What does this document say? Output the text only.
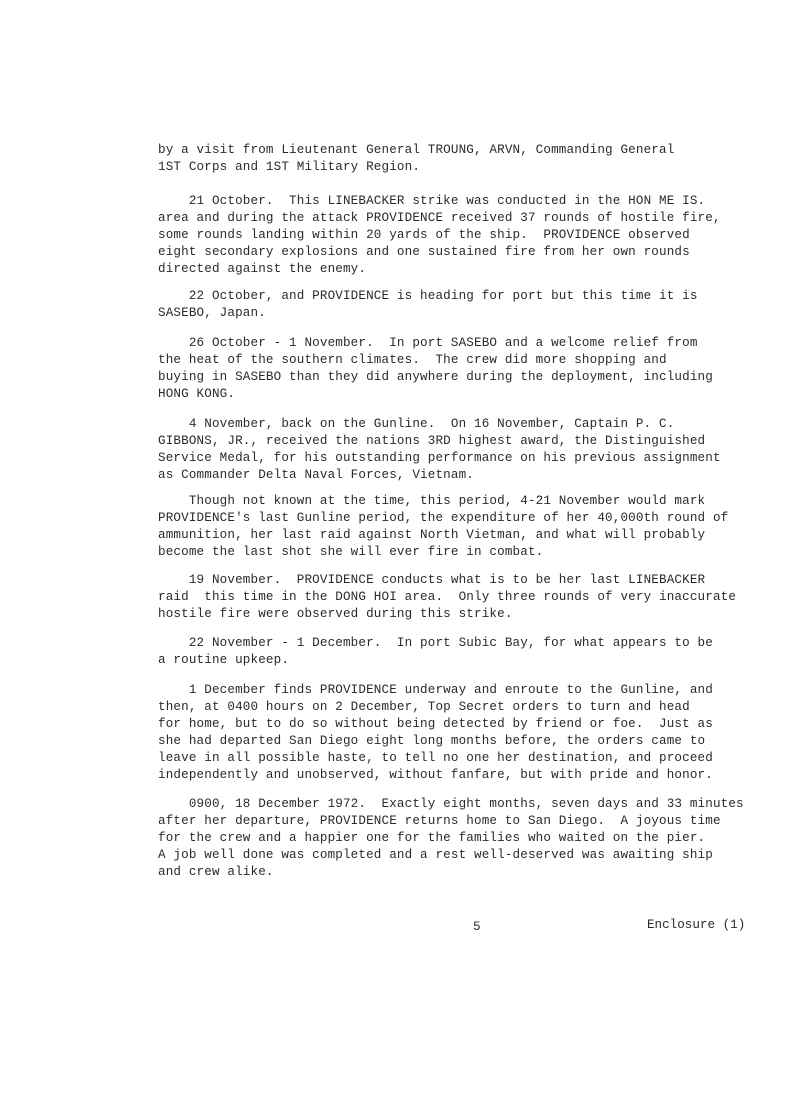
by a visit from Lieutenant General TROUNG, ARVN, Commanding General
1ST Corps and 1ST Military Region.
21 October.  This LINEBACKER strike was conducted in the HON ME IS.
area and during the attack PROVIDENCE received 37 rounds of hostile fire,
some rounds landing within 20 yards of the ship.  PROVIDENCE observed
eight secondary explosions and one sustained fire from her own rounds
directed against the enemy.
22 October, and PROVIDENCE is heading for port but this time it is
SASEBO, Japan.
26 October - 1 November.  In port SASEBO and a welcome relief from
the heat of the southern climates.  The crew did more shopping and
buying in SASEBO than they did anywhere during the deployment, including
HONG KONG.
4 November, back on the Gunline.  On 16 November, Captain P. C.
GIBBONS, JR., received the nations 3RD highest award, the Distinguished
Service Medal, for his outstanding performance on his previous assignment
as Commander Delta Naval Forces, Vietnam.
Though not known at the time, this period, 4-21 November would mark
PROVIDENCE's last Gunline period, the expenditure of her 40,000th round of
ammunition, her last raid against North Vietman, and what will probably
become the last shot she will ever fire in combat.
19 November.  PROVIDENCE conducts what is to be her last LINEBACKER
raid  this time in the DONG HOI area.  Only three rounds of very inaccurate
hostile fire were observed during this strike.
22 November - 1 December.  In port Subic Bay, for what appears to be
a routine upkeep.
1 December finds PROVIDENCE underway and enroute to the Gunline, and
then, at 0400 hours on 2 December, Top Secret orders to turn and head
for home, but to do so without being detected by friend or foe.  Just as
she had departed San Diego eight long months before, the orders came to
leave in all possible haste, to tell no one her destination, and proceed
independently and unobserved, without fanfare, but with pride and honor.
0900, 18 December 1972.  Exactly eight months, seven days and 33 minutes
after her departure, PROVIDENCE returns home to San Diego.  A joyous time
for the crew and a happier one for the families who waited on the pier.
A job well done was completed and a rest well-deserved was awaiting ship
and crew alike.
5	Enclosure (1)
